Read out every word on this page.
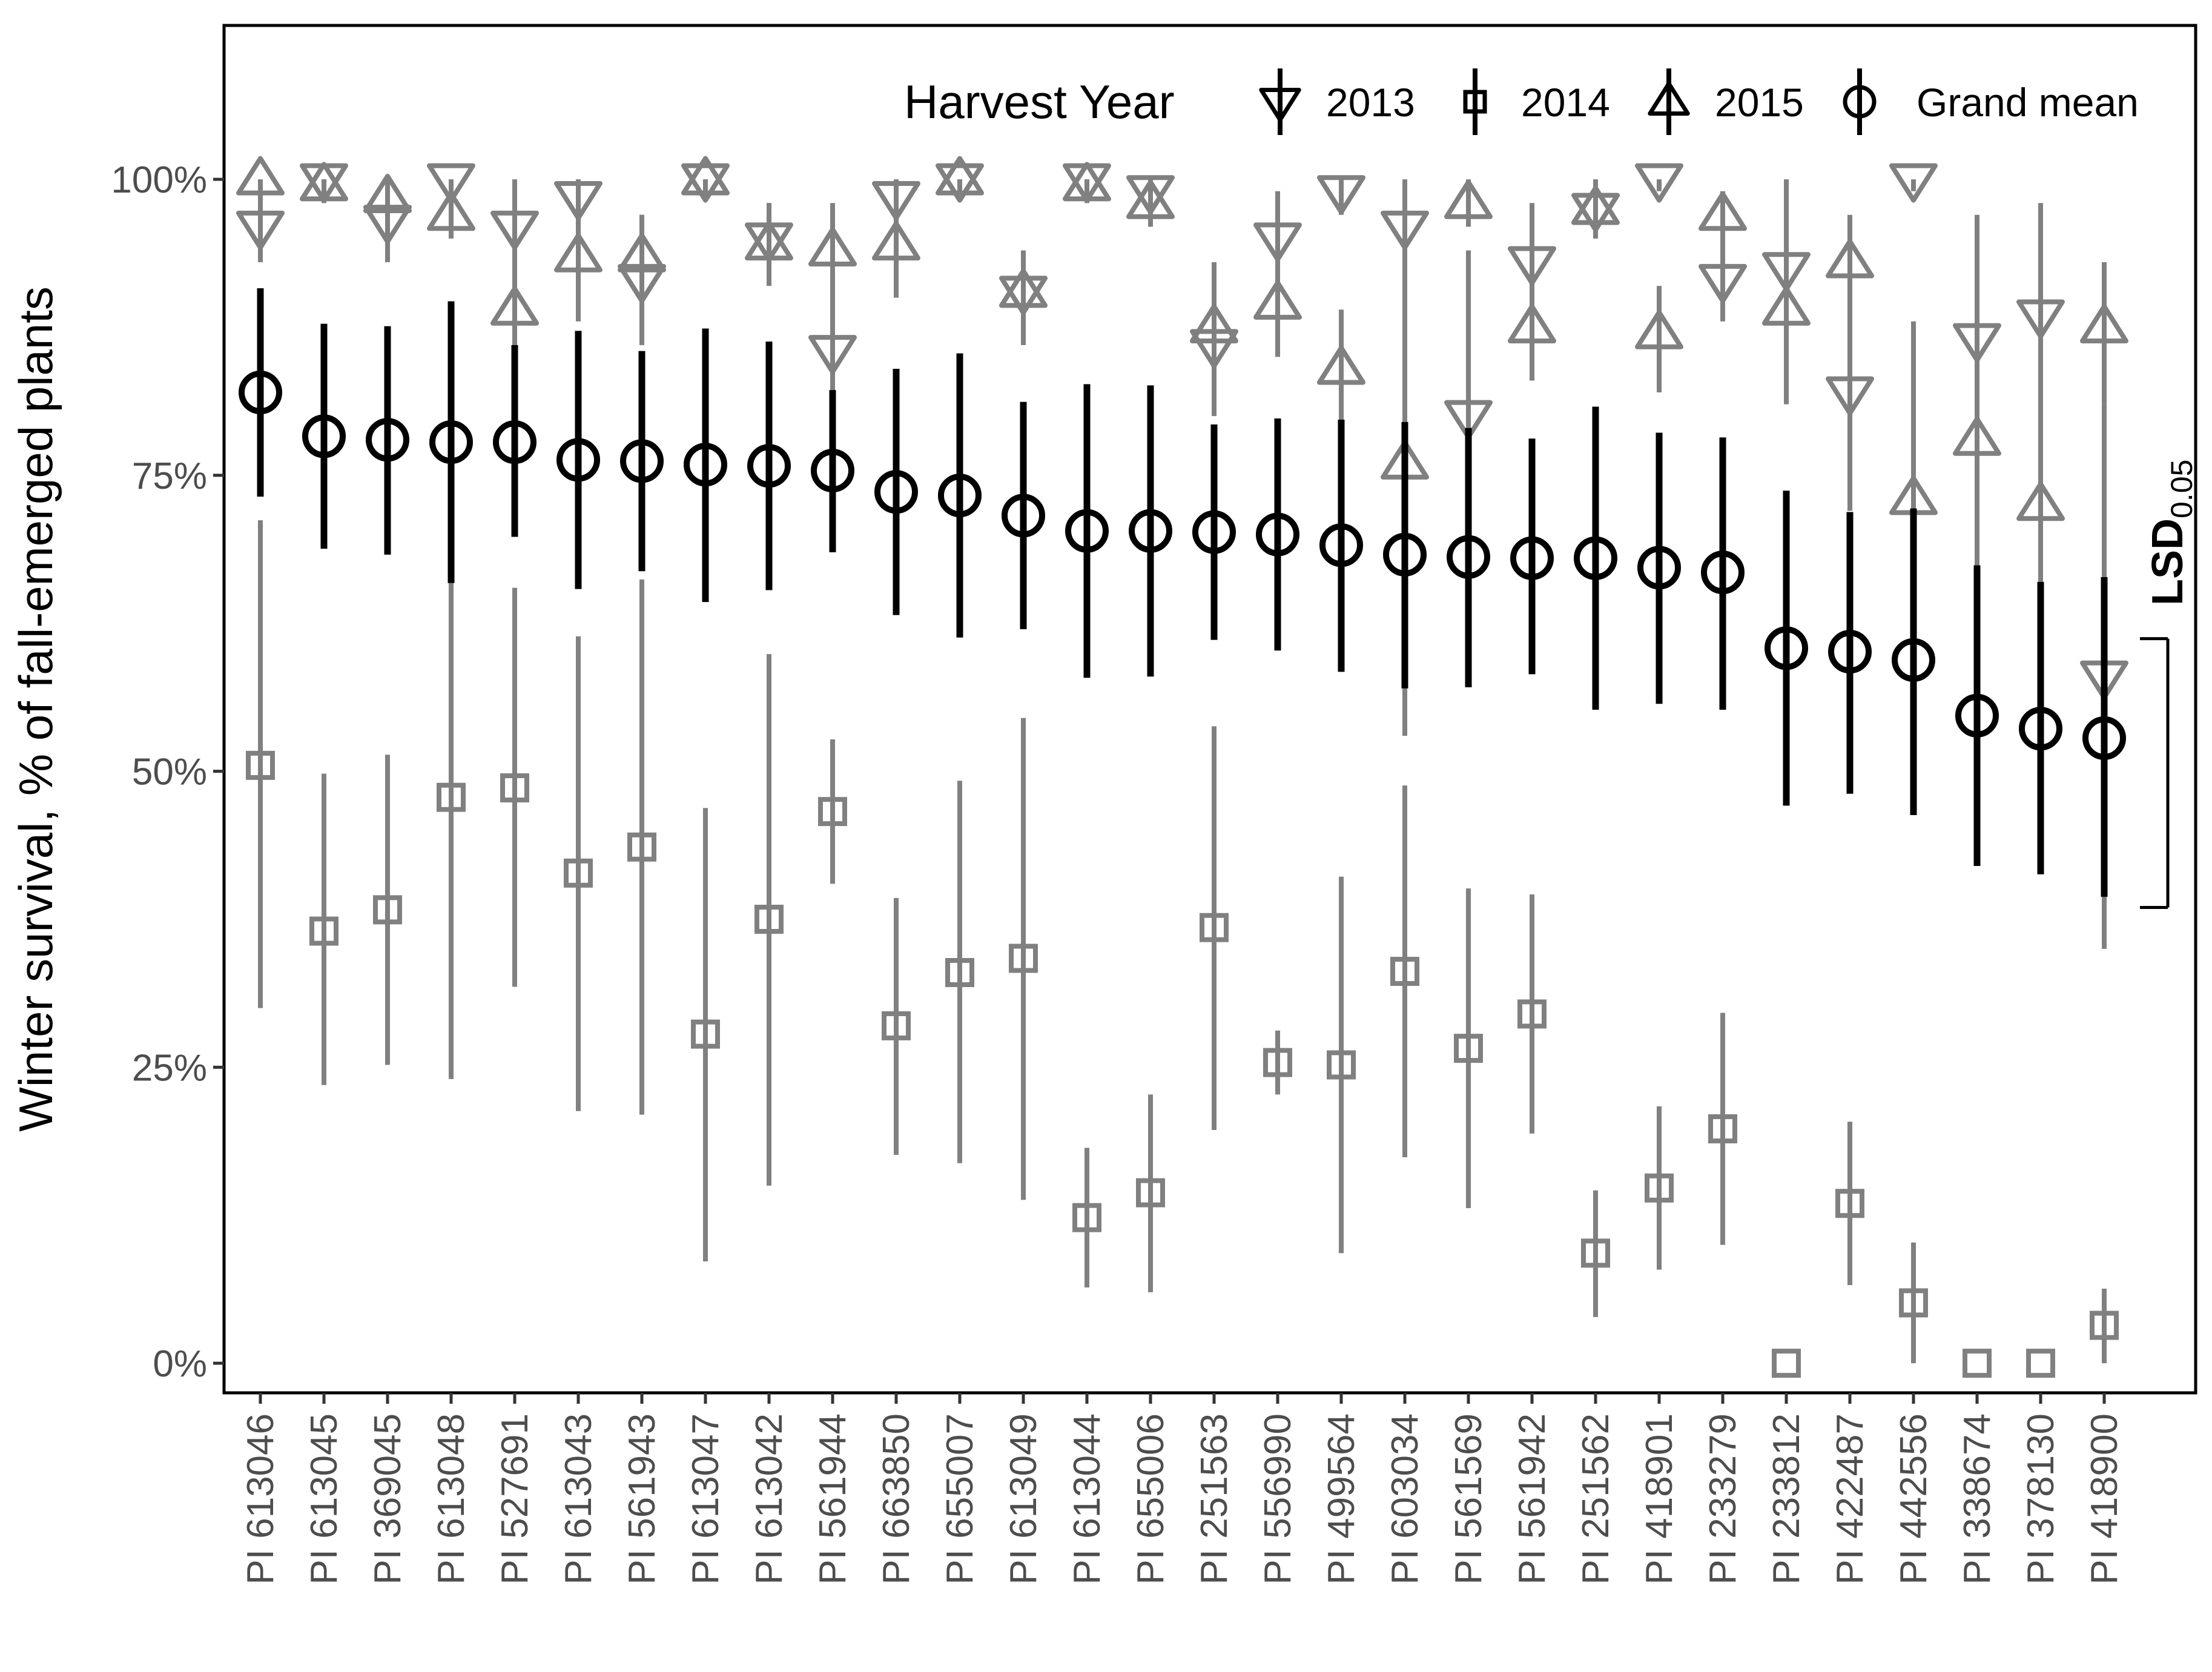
0%
25%
50%
75%
100%
PI 613046 PI 613045 PI 369045 PI 613048 PI 527691 PI 613043 PI 561943 PI 613047 PI 613042 PI 561944 PI 663850 PI 655007 PI 613049 PI 613044 PI 655006 PI 251563 PI 556990 PI 499564 PI 603034 PI 561569 PI 561942 PI 251562 PI 418901 PI 233279 PI 233812 PI 422487 PI 442556 PI 338674 PI 378130 PI 418900
Winter survival, % of fall-emerged plants	$LSD_{0.05}$
Harvest Year	2013	2014	2015	Grand mean
